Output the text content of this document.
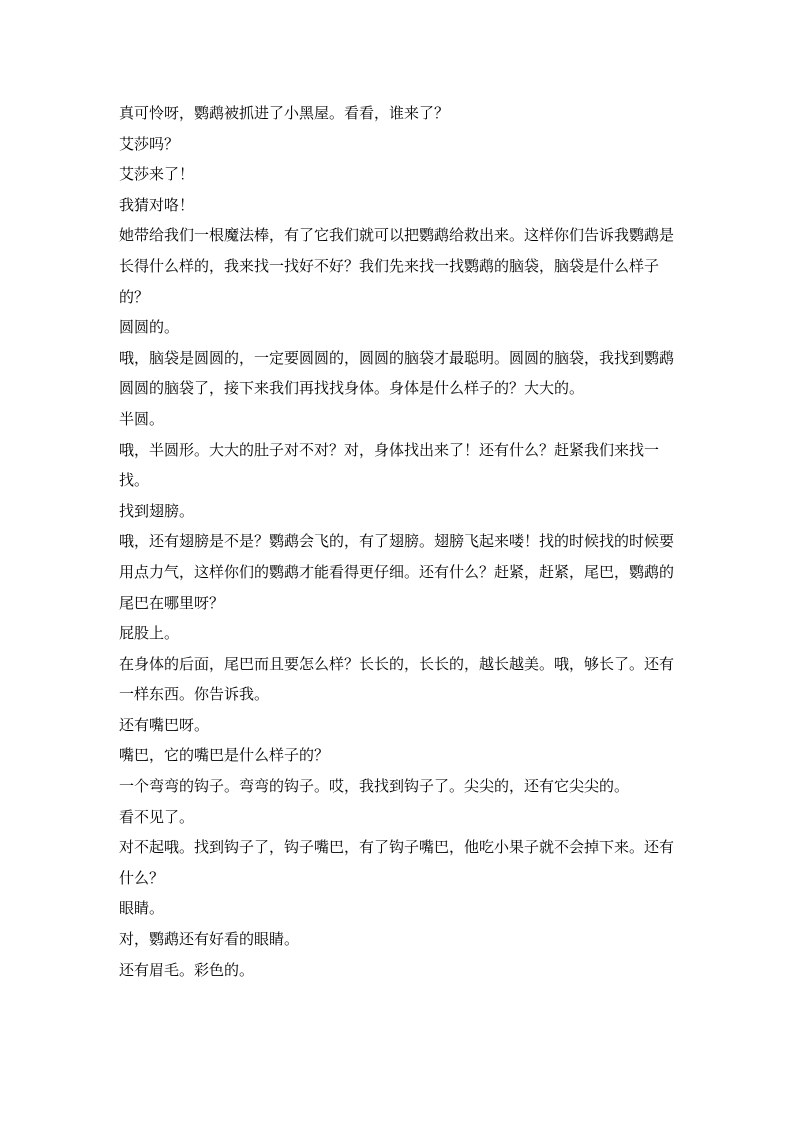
真可怜呀，鹦鹉被抓进了小黑屋。看看，谁来了？

艾莎吗？

艾莎来了！

我猜对咯！

她带给我们一根魔法棒，有了它我们就可以把鹦鹉给救出来。这样你们告诉我鹦鹉是长得什么样的，我来找一找好不好？我们先来找一找鹦鹉的脑袋，脑袋是什么样子的？

圆圆的。

哦，脑袋是圆圆的，一定要圆圆的，圆圆的脑袋才最聪明。圆圆的脑袋，我找到鹦鹉圆圆的脑袋了，接下来我们再找找身体。身体是什么样子的？大大的。

半圆。

哦，半圆形。大大的肚子对不对？对，身体找出来了！还有什么？赶紧我们来找一找。

找到翅膀。

哦，还有翅膀是不是？鹦鹉会飞的，有了翅膀。翅膀飞起来喽！找的时候找的时候要用点力气，这样你们的鹦鹉才能看得更仔细。还有什么？赶紧，赶紧，尾巴，鹦鹉的尾巴在哪里呀？

屁股上。

在身体的后面，尾巴而且要怎么样？长长的，长长的，越长越美。哦，够长了。还有一样东西。你告诉我。

还有嘴巴呀。

嘴巴，它的嘴巴是什么样子的？

一个弯弯的钩子。弯弯的钩子。哎，我找到钩子了。尖尖的，还有它尖尖的。

看不见了。

对不起哦。找到钩子了，钩子嘴巴，有了钩子嘴巴，他吃小果子就不会掉下来。还有什么？

眼睛。

对，鹦鹉还有好看的眼睛。

还有眉毛。彩色的。
